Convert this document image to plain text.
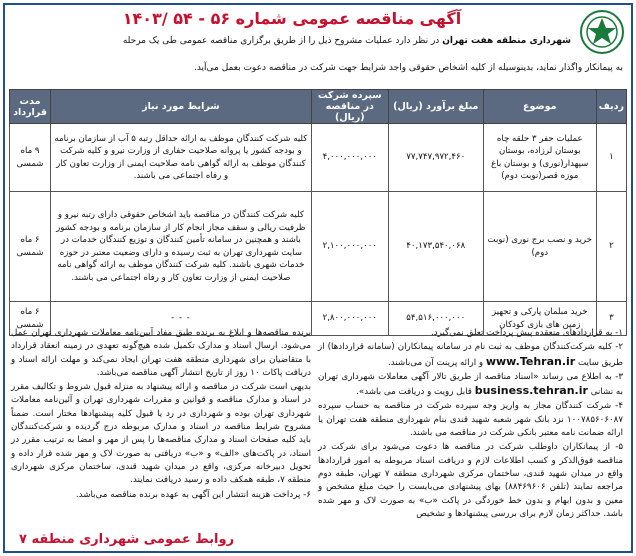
آگهی مناقصه عمومی شماره ۵۶ - ۵۴ /۱۴۰۳
شهرداری منطقه هفت تهران در نظر دارد عملیات مشروح ذیل را از طریق برگزاری مناقصه عمومی طی یک مرحله
به پیمانکار واگذار نماید، بدینوسیله از کلیه اشخاص حقوقی واجد شرایط جهت شرکت در مناقصه دعوت بعمل می‌آید.
ردیف	موضوع	مبلغ برآورد (ریال)	سپرده شرکت در مناقصه (ریال)	شرایط مورد نیاز	مدت قرارداد
۱	عملیات حفر ۳ حلقه چاه بوستان لرزاده، بوستان سپهدار(نوری) و بوستان باغ موزه قصر(نوبت دوم)	۷۷,۷۴۷,۹۷۲,۴۶۰	۴,۰۰۰,۰۰۰,۰۰۰	کلیه شرکت کنندگان موظف به ارائه حداقل رتبه ۵ آب از سازمان برنامه و بودجه کشور یا پروانه صلاحیت حفاری از وزارت نیرو و کلیه شرکت کنندگان موظف به ارائه گواهی نامه صلاحیت ایمنی از وزارت تعاون کار و رفاه اجتماعی می باشند.	۹ ماه شمسی
۲	خرید و نصب برج نوری (نوبت دوم)	۴۰,۱۷۳,۵۴۰,۰۶۸	۲,۱۰۰,۰۰۰,۰۰۰	کلیه شرکت کنندگان در مناقصه باید اشخاص حقوقی دارای رتبه نیرو و ظرفیت ریالی و سقف مجاز انجام کار از سازمان برنامه و بودجه کشور باشند و همچنین در سامانه تأمین کنندگان و توزیع کنندگان خدمات در سایت شهرداری تهران به ثبت رسیده و دارای وضعیت معتبر در حوزه خدمات شهری باشند. کلیه شرکت کنندگان موظف به ارائه گواهی نامه صلاحیت ایمنی از وزارت تعاون کار و رفاه اجتماعی می باشند.	۶ ماه شمسی
۳	خرید مبلمان پارکی و تجهیز زمین های بازی کودکان	۵۴,۵۱۶,۰۰۰,۰۰۰	۲,۸۰۰,۰۰۰,۰۰۰	- - -	۶ ماه شمسی

۱- به قراردادهای منعقده پیش پرداخت تعلق نمی‌گیرد.

۲- کلیه شرکت‌کنندگان موظف به ثبت نام در سامانه پیمانکاران (سامانه قراردادها) از طریق سایت www.Tehran.ir و ارائه پرینت آن می‌باشند.

۳- به اطلاع می رساند «اسناد مناقصه از طریق تالار آگهی معاملات شهرداری تهران به نشانی business.tehran.ir قابل رویت و دریافت می باشد».

۴- شرکت کنندگان مجاز به واریز وجه سپرده شرکت در مناقصه به حساب سپرده ۱۰۰۷۸۵۶۰۶۰۸۷ نزد بانک شهر شعبه شهید قندی بنام شهرداری منطقه هفت تهران یا ارائه ضمانت نامه معتبر بانکی شرکت در مناقصه می باشند.

۵- از پیمانکاران داوطلب شرکت در مناقصه ها دعوت می‌شود برای شرکت در مناقصه فوق‌الذکر و کسب اطلاعات لازم و دریافت اسناد مربوطه به امور قراردادها واقع در میدان شهید قندی، ساختمان مرکزی شهرداری منطقه ۷ تهران، طبقه دوم مراجعه نمایند (تلفن ۸۸۴۶۹۶۰۶) بهای پیشنهادی می‌بایست را حیث مبلغ مشخص و معین و بدون ابهام و بدون خط خوردگی در پاکت «ب» به صورت لاک و مهر شده باشد. حداکثر زمان لازم برای بررسی پیشنهادها و تشخیص

برنده مناقصه‌ها و ابلاغ به برنده طبق مفاد آیین‌نامه معاملات شهرداری تهران عمل می‌شود. ارسال اسناد و مدارک تکمیل شده هیچ‌گونه تعهدی در زمینه انعقاد قرارداد با متقاضیان برای شهرداری منطقه هفت تهران ایجاد نمی‌کند و مهلت ارائه اسناد و دریافت پاکات ۱۰ روز از تاریخ انتشار آگهی مناقصه می‌باشد.

بدیهی است شرکت در مناقصه و ارائه پیشنهاد به منزله قبول شروط و تکالیف مقرر در اسناد و مدارک مناقصه و قوانین و مقررات شهرداری تهران و آئین‌نامه معاملات شهرداری تهران بوده و شهرداری در رد یا قبول کلیه پیشنهادها مختار است. ضمناً مشروح شرایط مناقصه در اسناد و مدارک مربوطه درج گردیده و شرکت‌کنندگان باید کلیه صفحات اسناد و مدارک مناقصه‌ها را پس از مهر و امضا به ترتیب مقرر در اسناد، در پاکت‌های «الف» و «ب» دریافتی به صورت لاک و مهر شده قرار داده و تحویل دبیرخانه مرکزی، واقع در میدان شهید قندی، ساختمان مرکزی شهرداری منطقه ۷، طبقه همکف داده و رسید دریافت نمایند.

۶- پرداخت هزینه انتشار این آگهی به عهده برنده مناقصه می‌باشد.

روابط عمومی شهرداری منطقه ۷
